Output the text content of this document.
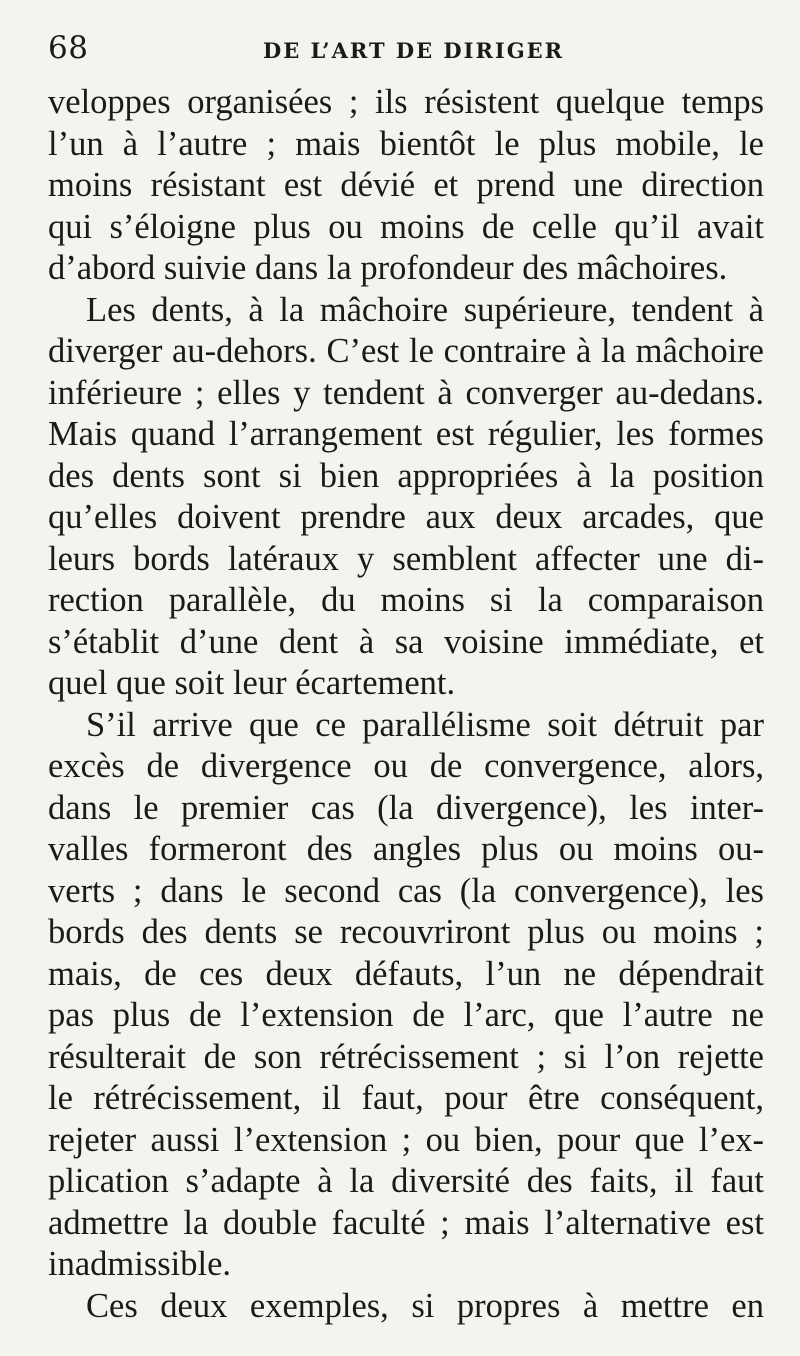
68	DE L’ART DE DIRIGER
veloppes organisées ; ils résistent quelque temps
l’un à l’autre ; mais bientôt le plus mobile, le
moins résistant est dévié et prend une direction
qui s’éloigne plus ou moins de celle qu’il avait
d’abord suivie dans la profondeur des mâchoires.
Les dents, à la mâchoire supérieure, tendent à
diverger au-dehors. C’est le contraire à la mâchoire
inférieure ; elles y tendent à converger au-dedans.
Mais quand l’arrangement est régulier, les formes
des dents sont si bien appropriées à la position
qu’elles doivent prendre aux deux arcades, que
leurs bords latéraux y semblent affecter une di-
rection parallèle, du moins si la comparaison
s’établit d’une dent à sa voisine immédiate, et
quel que soit leur écartement.
S’il arrive que ce parallélisme soit détruit par
excès de divergence ou de convergence, alors,
dans le premier cas (la divergence), les inter-
valles formeront des angles plus ou moins ou-
verts ; dans le second cas (la convergence), les
bords des dents se recouvriront plus ou moins ;
mais, de ces deux défauts, l’un ne dépendrait
pas plus de l’extension de l’arc, que l’autre ne
résulterait de son rétrécissement ; si l’on rejette
le rétrécissement, il faut, pour être conséquent,
rejeter aussi l’extension ; ou bien, pour que l’ex-
plication s’adapte à la diversité des faits, il faut
admettre la double faculté ; mais l’alternative est
inadmissible.
Ces deux exemples, si propres à mettre en
